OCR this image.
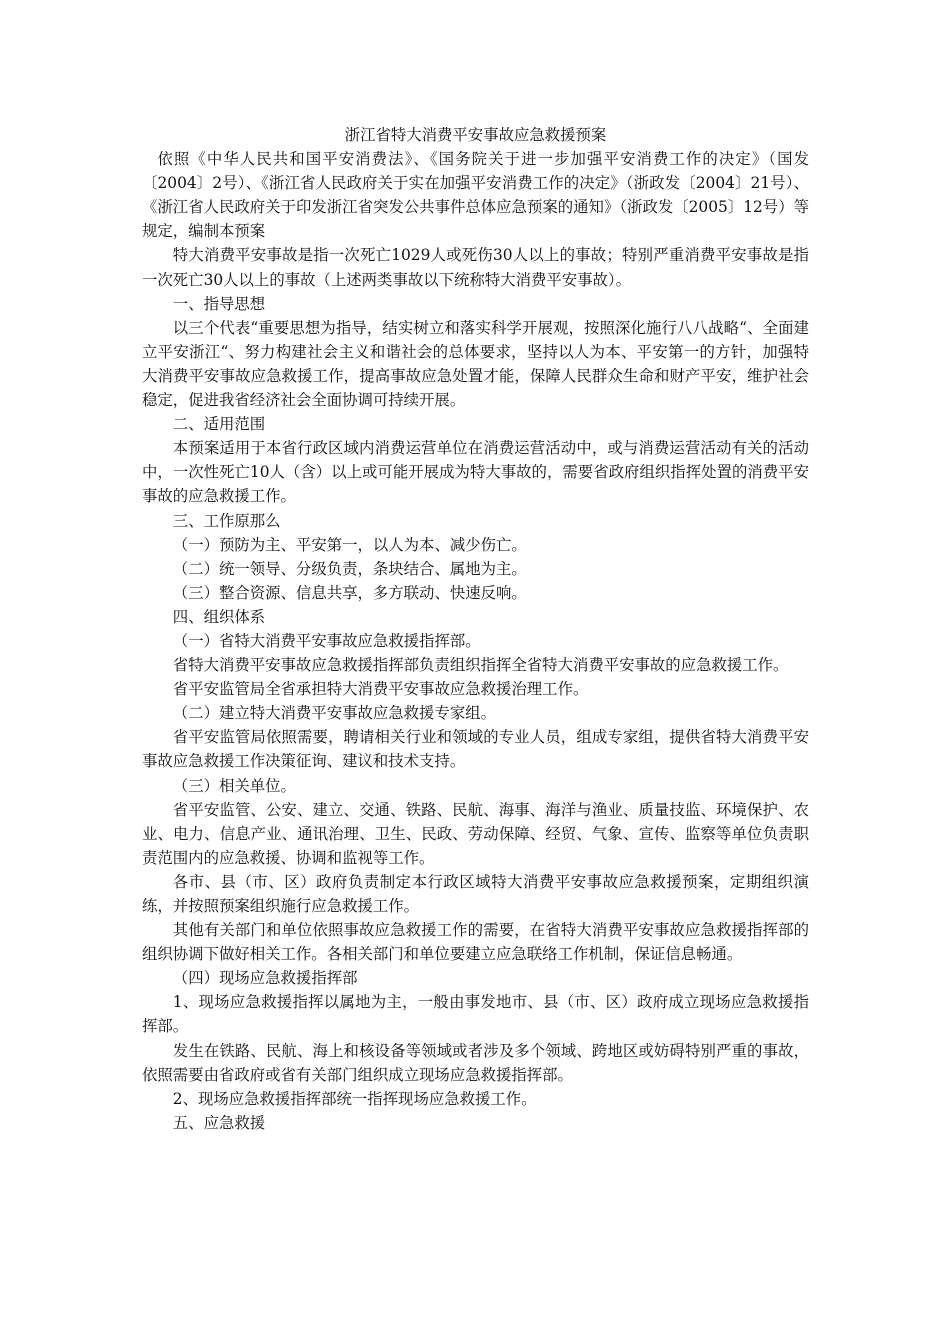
浙江省特大消费平安事故应急救援预案

依照《中华人民共和国平安消费法》、《国务院关于进一步加强平安消费工作的决定》（国发〔2004〕2号）、《浙江省人民政府关于实在加强平安消费工作的决定》（浙政发〔2004〕21号）、《浙江省人民政府关于印发浙江省突发公共事件总体应急预案的通知》（浙政发〔2005〕12号）等规定，编制本预案

特大消费平安事故是指一次死亡1029人或死伤30人以上的事故；特别严重消费平安事故是指一次死亡30人以上的事故（上述两类事故以下统称特大消费平安事故）。

一、指导思想

以三个代表“重要思想为指导，结实树立和落实科学开展观，按照深化施行八八战略“、全面建立平安浙江“、努力构建社会主义和谐社会的总体要求，坚持以人为本、平安第一的方针，加强特大消费平安事故应急救援工作，提高事故应急处置才能，保障人民群众生命和财产平安，维护社会稳定，促进我省经济社会全面协调可持续开展。

二、适用范围

本预案适用于本省行政区域内消费运营单位在消费运营活动中，或与消费运营活动有关的活动中，一次性死亡10人（含）以上或可能开展成为特大事故的，需要省政府组织指挥处置的消费平安事故的应急救援工作。

三、工作原那么

（一）预防为主、平安第一，以人为本、减少伤亡。

（二）统一领导、分级负责，条块结合、属地为主。

（三）整合资源、信息共享，多方联动、快速反响。

四、组织体系

（一）省特大消费平安事故应急救援指挥部。

省特大消费平安事故应急救援指挥部负责组织指挥全省特大消费平安事故的应急救援工作。

省平安监管局全省承担特大消费平安事故应急救援治理工作。

（二）建立特大消费平安事故应急救援专家组。

省平安监管局依照需要，聘请相关行业和领域的专业人员，组成专家组，提供省特大消费平安事故应急救援工作决策征询、建议和技术支持。

（三）相关单位。

省平安监管、公安、建立、交通、铁路、民航、海事、海洋与渔业、质量技监、环境保护、农业、电力、信息产业、通讯治理、卫生、民政、劳动保障、经贸、气象、宣传、监察等单位负责职责范围内的应急救援、协调和监视等工作。

各市、县（市、区）政府负责制定本行政区域特大消费平安事故应急救援预案，定期组织演练，并按照预案组织施行应急救援工作。

其他有关部门和单位依照事故应急救援工作的需要，在省特大消费平安事故应急救援指挥部的组织协调下做好相关工作。各相关部门和单位要建立应急联络工作机制，保证信息畅通。

（四）现场应急救援指挥部

1、现场应急救援指挥以属地为主，一般由事发地市、县（市、区）政府成立现场应急救援指挥部。

发生在铁路、民航、海上和核设备等领域或者涉及多个领域、跨地区或妨碍特别严重的事故，依照需要由省政府或省有关部门组织成立现场应急救援指挥部。

2、现场应急救援指挥部统一指挥现场应急救援工作。

五、应急救援
